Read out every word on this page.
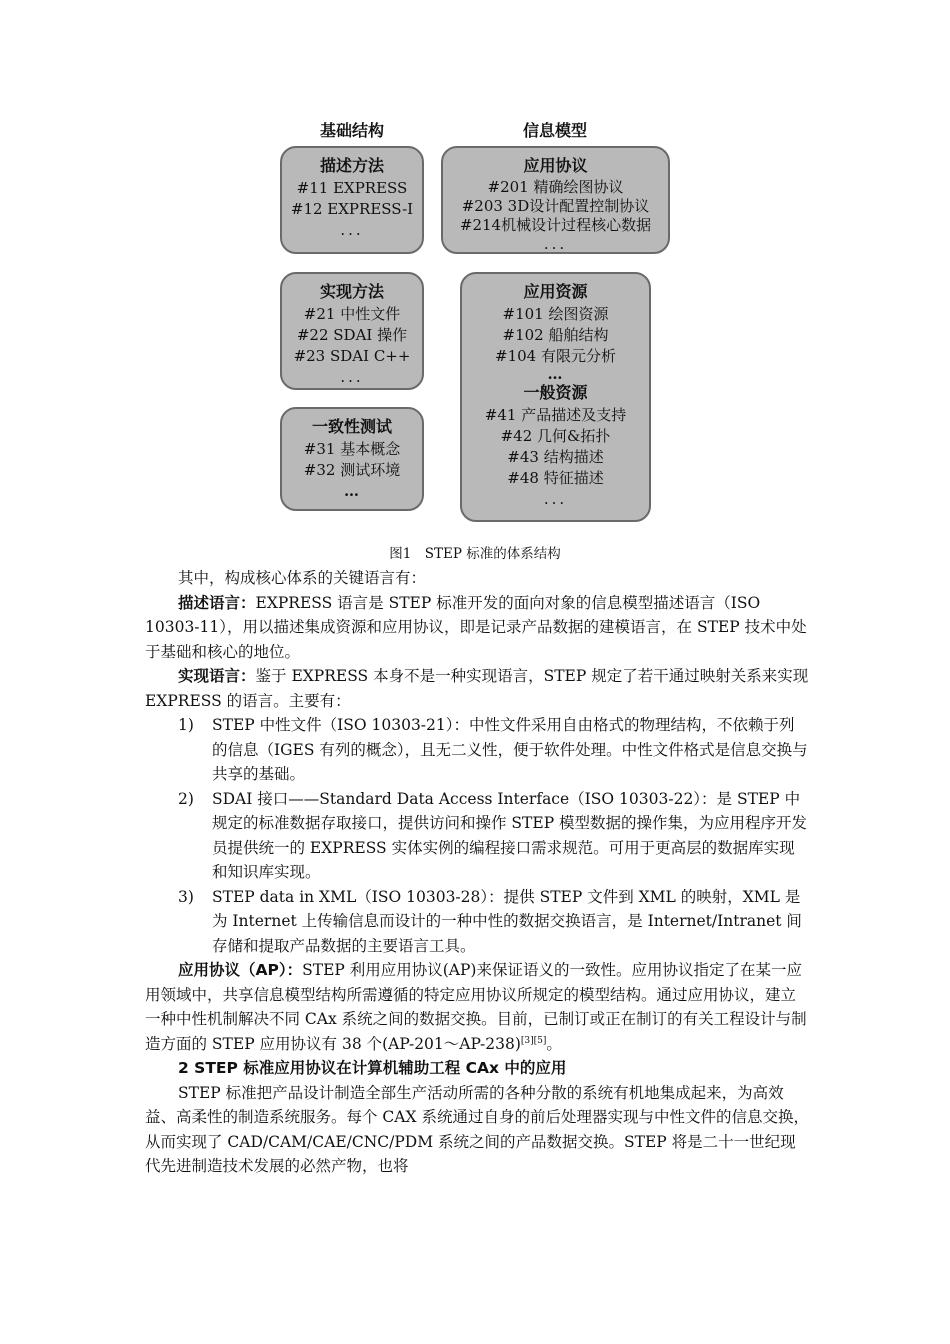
基础结构	信息模型
描述方法
#11 EXPRESS
#12 EXPRESS-I
...
应用协议
#201 精确绘图协议
#203 3D设计配置控制协议
#214机械设计过程核心数据
...
实现方法
#21 中性文件
#22 SDAI 操作
#23 SDAI C++
...
应用资源
#101 绘图资源
#102 船舶结构
#104 有限元分析
…
一般资源
#41 产品描述及支持
#42 几何&拓扑
#43 结构描述
#48 特征描述
...
一致性测试
#31 基本概念
#32 测试环境
…
图1　STEP 标准的体系结构

其中，构成核心体系的关键语言有：

描述语言：EXPRESS 语言是 STEP 标准开发的面向对象的信息模型描述语言（ISO 10303-11），用以描述集成资源和应用协议，即是记录产品数据的建模语言，在 STEP 技术中处于基础和核心的地位。

实现语言：鉴于 EXPRESS 本身不是一种实现语言，STEP 规定了若干通过映射关系来实现 EXPRESS 的语言。主要有：

1) STEP 中性文件（ISO 10303-21）：中性文件采用自由格式的物理结构，不依赖于列的信息（IGES 有列的概念），且无二义性，便于软件处理。中性文件格式是信息交换与共享的基础。
2) SDAI 接口——Standard Data Access Interface（ISO 10303-22）：是 STEP 中规定的标准数据存取接口，提供访问和操作 STEP 模型数据的操作集，为应用程序开发员提供统一的 EXPRESS 实体实例的编程接口需求规范。可用于更高层的数据库实现和知识库实现。
3) STEP data in XML（ISO 10303-28）：提供 STEP 文件到 XML 的映射，XML 是为 Internet 上传输信息而设计的一种中性的数据交换语言，是 Internet/Intranet 间存储和提取产品数据的主要语言工具。

应用协议（AP）：STEP 利用应用协议(AP)来保证语义的一致性。应用协议指定了在某一应用领域中，共享信息模型结构所需遵循的特定应用协议所规定的模型结构。通过应用协议，建立一种中性机制解决不同 CAx 系统之间的数据交换。目前，已制订或正在制订的有关工程设计与制造方面的 STEP 应用协议有 38 个(AP-201～AP-238)[3][5]。

2 STEP 标准应用协议在计算机辅助工程 CAx 中的应用

STEP 标准把产品设计制造全部生产活动所需的各种分散的系统有机地集成起来，为高效益、高柔性的制造系统服务。每个 CAX 系统通过自身的前后处理器实现与中性文件的信息交换，从而实现了 CAD/CAM/CAE/CNC/PDM 系统之间的产品数据交换。STEP 将是二十一世纪现代先进制造技术发展的必然产物，也将
